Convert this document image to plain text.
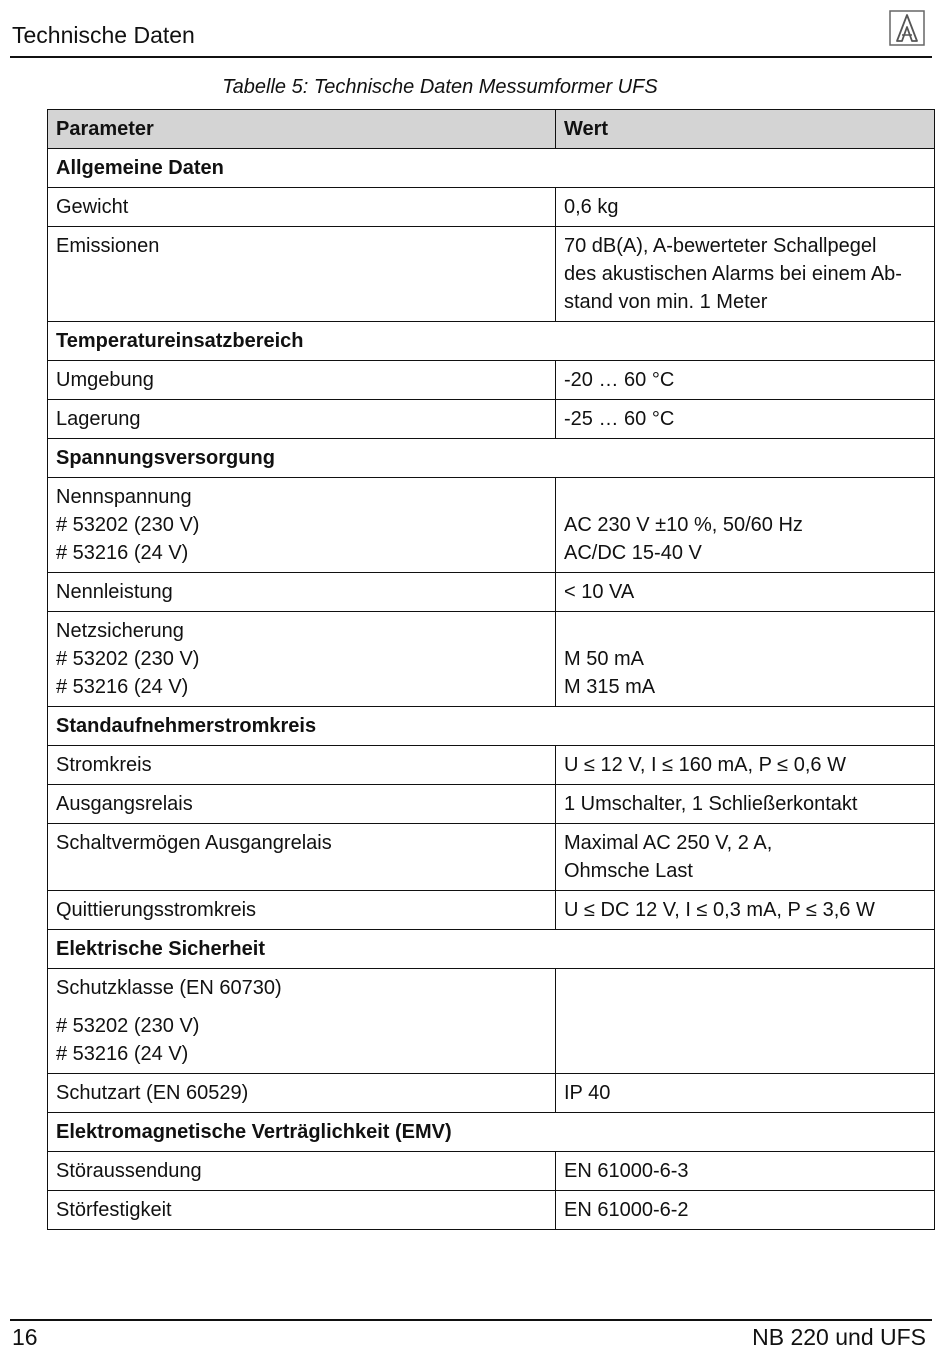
Technische Daten
Tabelle 5: Technische Daten Messumformer UFS
Parameter	Wert
Allgemeine Daten	
Gewicht	0,6 kg
Emissionen	70 dB(A), A-bewerteter Schallpegel
des akustischen Alarms bei einem Ab-
stand von min. 1 Meter

Temperatureinsatzbereich	
Umgebung	-20 … 60 °C
Lagerung	-25 … 60 °C
Spannungsversorgung	

Nennspannung
# 53202 (230 V)
# 53216 (24 V)	AC 230 V ±10 %, 50/60 Hz
AC/DC 15-40 V

Nennleistung	< 10 VA

Netzsicherung
# 53202 (230 V)
# 53216 (24 V)	M 50 mA
M 315 mA

Standaufnehmerstromkreis	
Stromkreis	U ≤ 12 V, I ≤ 160 mA, P ≤ 0,6 W
Ausgangsrelais	1 Umschalter, 1 Schließerkontakt
Schaltvermögen Ausgangrelais	Maximal AC 250 V, 2 A,
Ohmsche Last

Quittierungsstromkreis	U ≤ DC 12 V, I ≤ 0,3 mA, P ≤ 3,6 W
Elektrische Sicherheit	

Schutzklasse (EN 60730)
# 53202 (230 V)
# 53216 (24 V)	

Schutzart (EN 60529)	IP 40
Elektromagnetische Verträglichkeit (EMV)	
Störaussendung	EN 61000-6-3
Störfestigkeit	EN 61000-6-2
16	NB 220 und UFS
